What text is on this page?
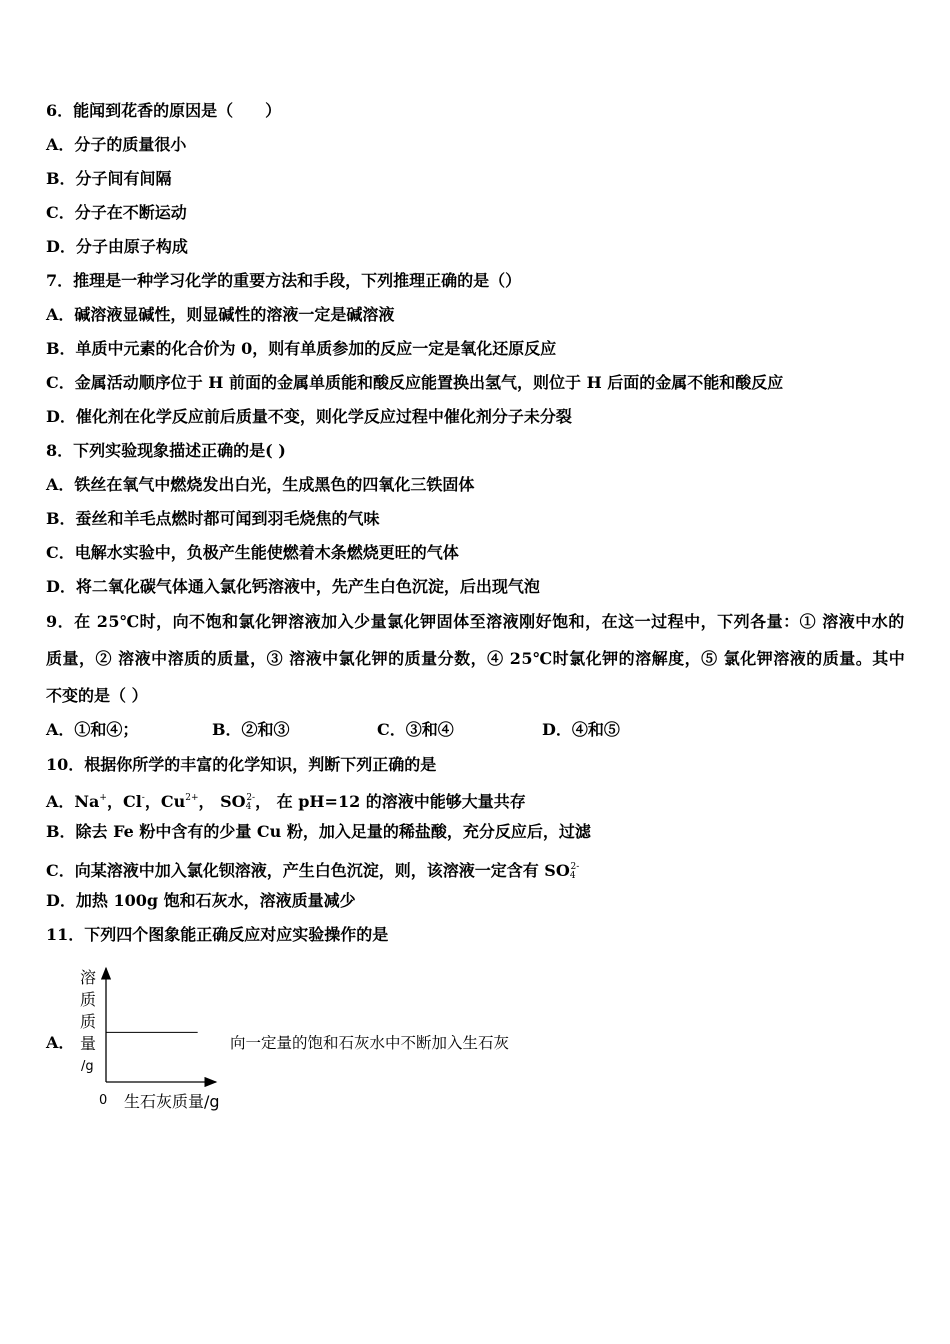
6．能闻到花香的原因是（　　）
A．分子的质量很小
B．分子间有间隔
C．分子在不断运动
D．分子由原子构成
7．推理是一种学习化学的重要方法和手段，下列推理正确的是（）
A．碱溶液显碱性，则显碱性的溶液一定是碱溶液
B．单质中元素的化合价为 0，则有单质参加的反应一定是氧化还原反应
C．金属活动顺序位于 H 前面的金属单质能和酸反应能置换出氢气，则位于 H 后面的金属不能和酸反应
D．催化剂在化学反应前后质量不变，则化学反应过程中催化剂分子未分裂
8．下列实验现象描述正确的是( )
A．铁丝在氧气中燃烧发出白光，生成黑色的四氧化三铁固体
B．蚕丝和羊毛点燃时都可闻到羽毛烧焦的气味
C．电解水实验中，负极产生能使燃着木条燃烧更旺的气体
D．将二氧化碳气体通入氯化钙溶液中，先产生白色沉淀，后出现气泡
9．在 25℃时，向不饱和氯化钾溶液加入少量氯化钾固体至溶液刚好饱和，在这一过程中，下列各量：① 溶液中水的
质量，② 溶液中溶质的质量，③ 溶液中氯化钾的质量分数，④ 25℃时氯化钾的溶解度，⑤ 氯化钾溶液的质量。其中
不变的是（ ）
A．①和④；	B．②和③	C．③和④	D．④和⑤
10．根据你所学的丰富的化学知识，判断下列正确的是
A．Na+，Cl-，$Cu^{2+}$， $SO_4^{2-}$， 在 pH=12 的溶液中能够大量共存
B．除去 Fe 粉中含有的少量 Cu 粉，加入足量的稀盐酸，充分反应后，过滤
C．向某溶液中加入氯化钡溶液，产生白色沉淀，则，该溶液一定含有 $SO_4^{2-}$
D．加热 100g 饱和石灰水，溶液质量减少
11．下列四个图象能正确反应对应实验操作的是
A．	向一定量的饱和石灰水中不断加入生石灰
溶
质
质
量
/g
0 生石灰质量/g
